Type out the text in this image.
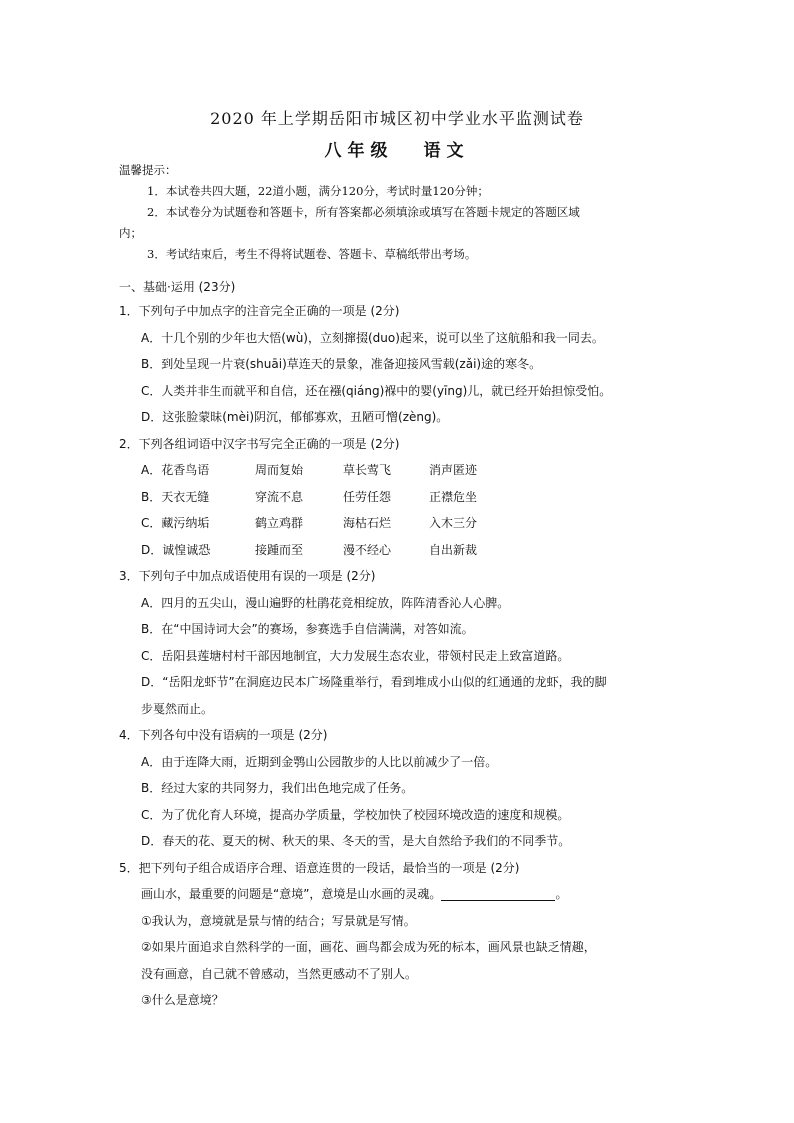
2020 年上学期岳阳市城区初中学业水平监测试卷
八年级 语文
温馨提示：
1．本试卷共四大题，22道小题，满分120分，考试时量120分钟；
2．本试卷分为试题卷和答题卡，所有答案都必须填涂或填写在答题卡规定的答题区域
内；
3．考试结束后，考生不得将试题卷、答题卡、草稿纸带出考场。
一、基础·运用 (23分)
1．下列句子中加点字的注音完全正确的一项是 (2分)
A．十几个别的少年也大悟(wù)，立刻撺掇(duo)起来，说可以坐了这航船和我一同去。
B．到处呈现一片衰(shuāi)草连天的景象，准备迎接风雪载(zǎi)途的寒冬。
C．人类并非生而就平和自信，还在襁(qiáng)褓中的婴(yīng)儿，就已经开始担惊受怕。
D．这张脸蒙昧(mèi)阴沉，郁郁寡欢，丑陋可憎(zèng)。
2．下列各组词语中汉字书写完全正确的一项是 (2分)
A．花香鸟语	周而复始	草长莺飞	消声匿迹
B．天衣无缝	穿流不息	任劳任怨	正襟危坐
C．藏污纳垢	鹤立鸡群	海枯石烂	入木三分
D．诚惶诚恐	接踵而至	漫不经心	自出新裁
3．下列句子中加点成语使用有误的一项是 (2分)
A．四月的五尖山，漫山遍野的杜鹃花竞相绽放，阵阵清香沁人心脾。
B．在“中国诗词大会”的赛场，参赛选手自信满满，对答如流。
C．岳阳县莲塘村村干部因地制宜，大力发展生态农业，带领村民走上致富道路。
D．“岳阳龙虾节”在洞庭边民本广场隆重举行，看到堆成小山似的红通通的龙虾，我的脚
步戛然而止。
4．下列各句中没有语病的一项是 (2分)
A．由于连降大雨，近期到金鹗山公园散步的人比以前减少了一倍。
B．经过大家的共同努力，我们出色地完成了任务。
C．为了优化育人环境，提高办学质量，学校加快了校园环境改造的速度和规模。
D．春天的花、夏天的树、秋天的果、冬天的雪，是大自然给予我们的不同季节。
5．把下列句子组合成语序合理、语意连贯的一段话，最恰当的一项是 (2分)
画山水，最重要的问题是“意境”，意境是山水画的灵魂。	。
①我认为，意境就是景与情的结合；写景就是写情。
②如果片面追求自然科学的一面，画花、画鸟都会成为死的标本，画风景也缺乏情趣，
没有画意，自己就不曾感动，当然更感动不了别人。
③什么是意境？
